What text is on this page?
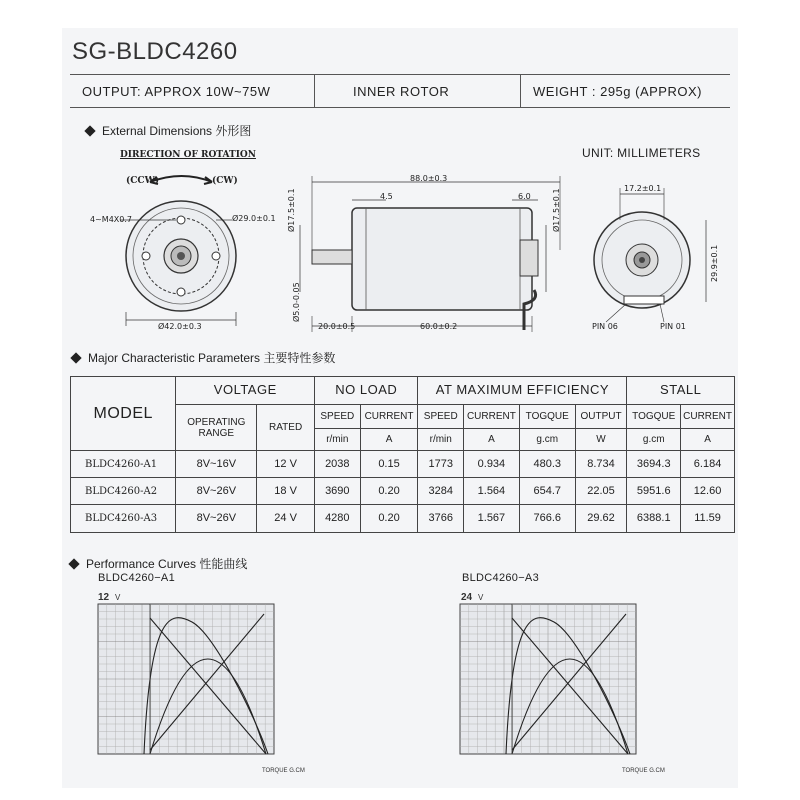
SG-BLDC4260
OUTPUT: APPROX 10W~75W	INNER ROTOR	WEIGHT : 295g (APPROX)
External Dimensions 外形图
UNIT: MILLIMETERS
DIRECTION OF ROTATION
(CCW)	(CW)
4~M4X0.7	Ø29.0±0.1
Ø42.0±0.3
88.0±0.3
4.5	6.0
20.0±0.5	60.0±0.2
Ø17.5±0.1
Ø5.0-0.05
Ø17.5±0.1	17.2±0.1
29.9±0.1
PIN 06	PIN 01
Major Characteristic Parameters 主要特性参数
MODEL	VOLTAGE		NO LOAD		AT MAXIMUM EFFICIENCY				STALL	
	OPERATING RANGE	RATED	SPEED	CURRENT	SPEED	CURRENT	TOGQUE	OUTPUT	TOGQUE	CURRENT
			r/min	A	r/min	A	g.cm	W	g.cm	A
BLDC4260-A1	8V~16V	12 V	2038	0.15	1773	0.934	480.3	8.734	3694.3	6.184
BLDC4260-A2	8V~26V	18 V	3690	0.20	3284	1.564	654.7	22.05	5951.6	12.60
BLDC4260-A3	8V~26V	24 V	4280	0.20	3766	1.567	766.6	29.62	6388.1	11.59
Performance Curves 性能曲线
BLDC4260−A1	BLDC4260−A3
12 V	24 V
TORQUE G.CM	TORQUE G.CM
